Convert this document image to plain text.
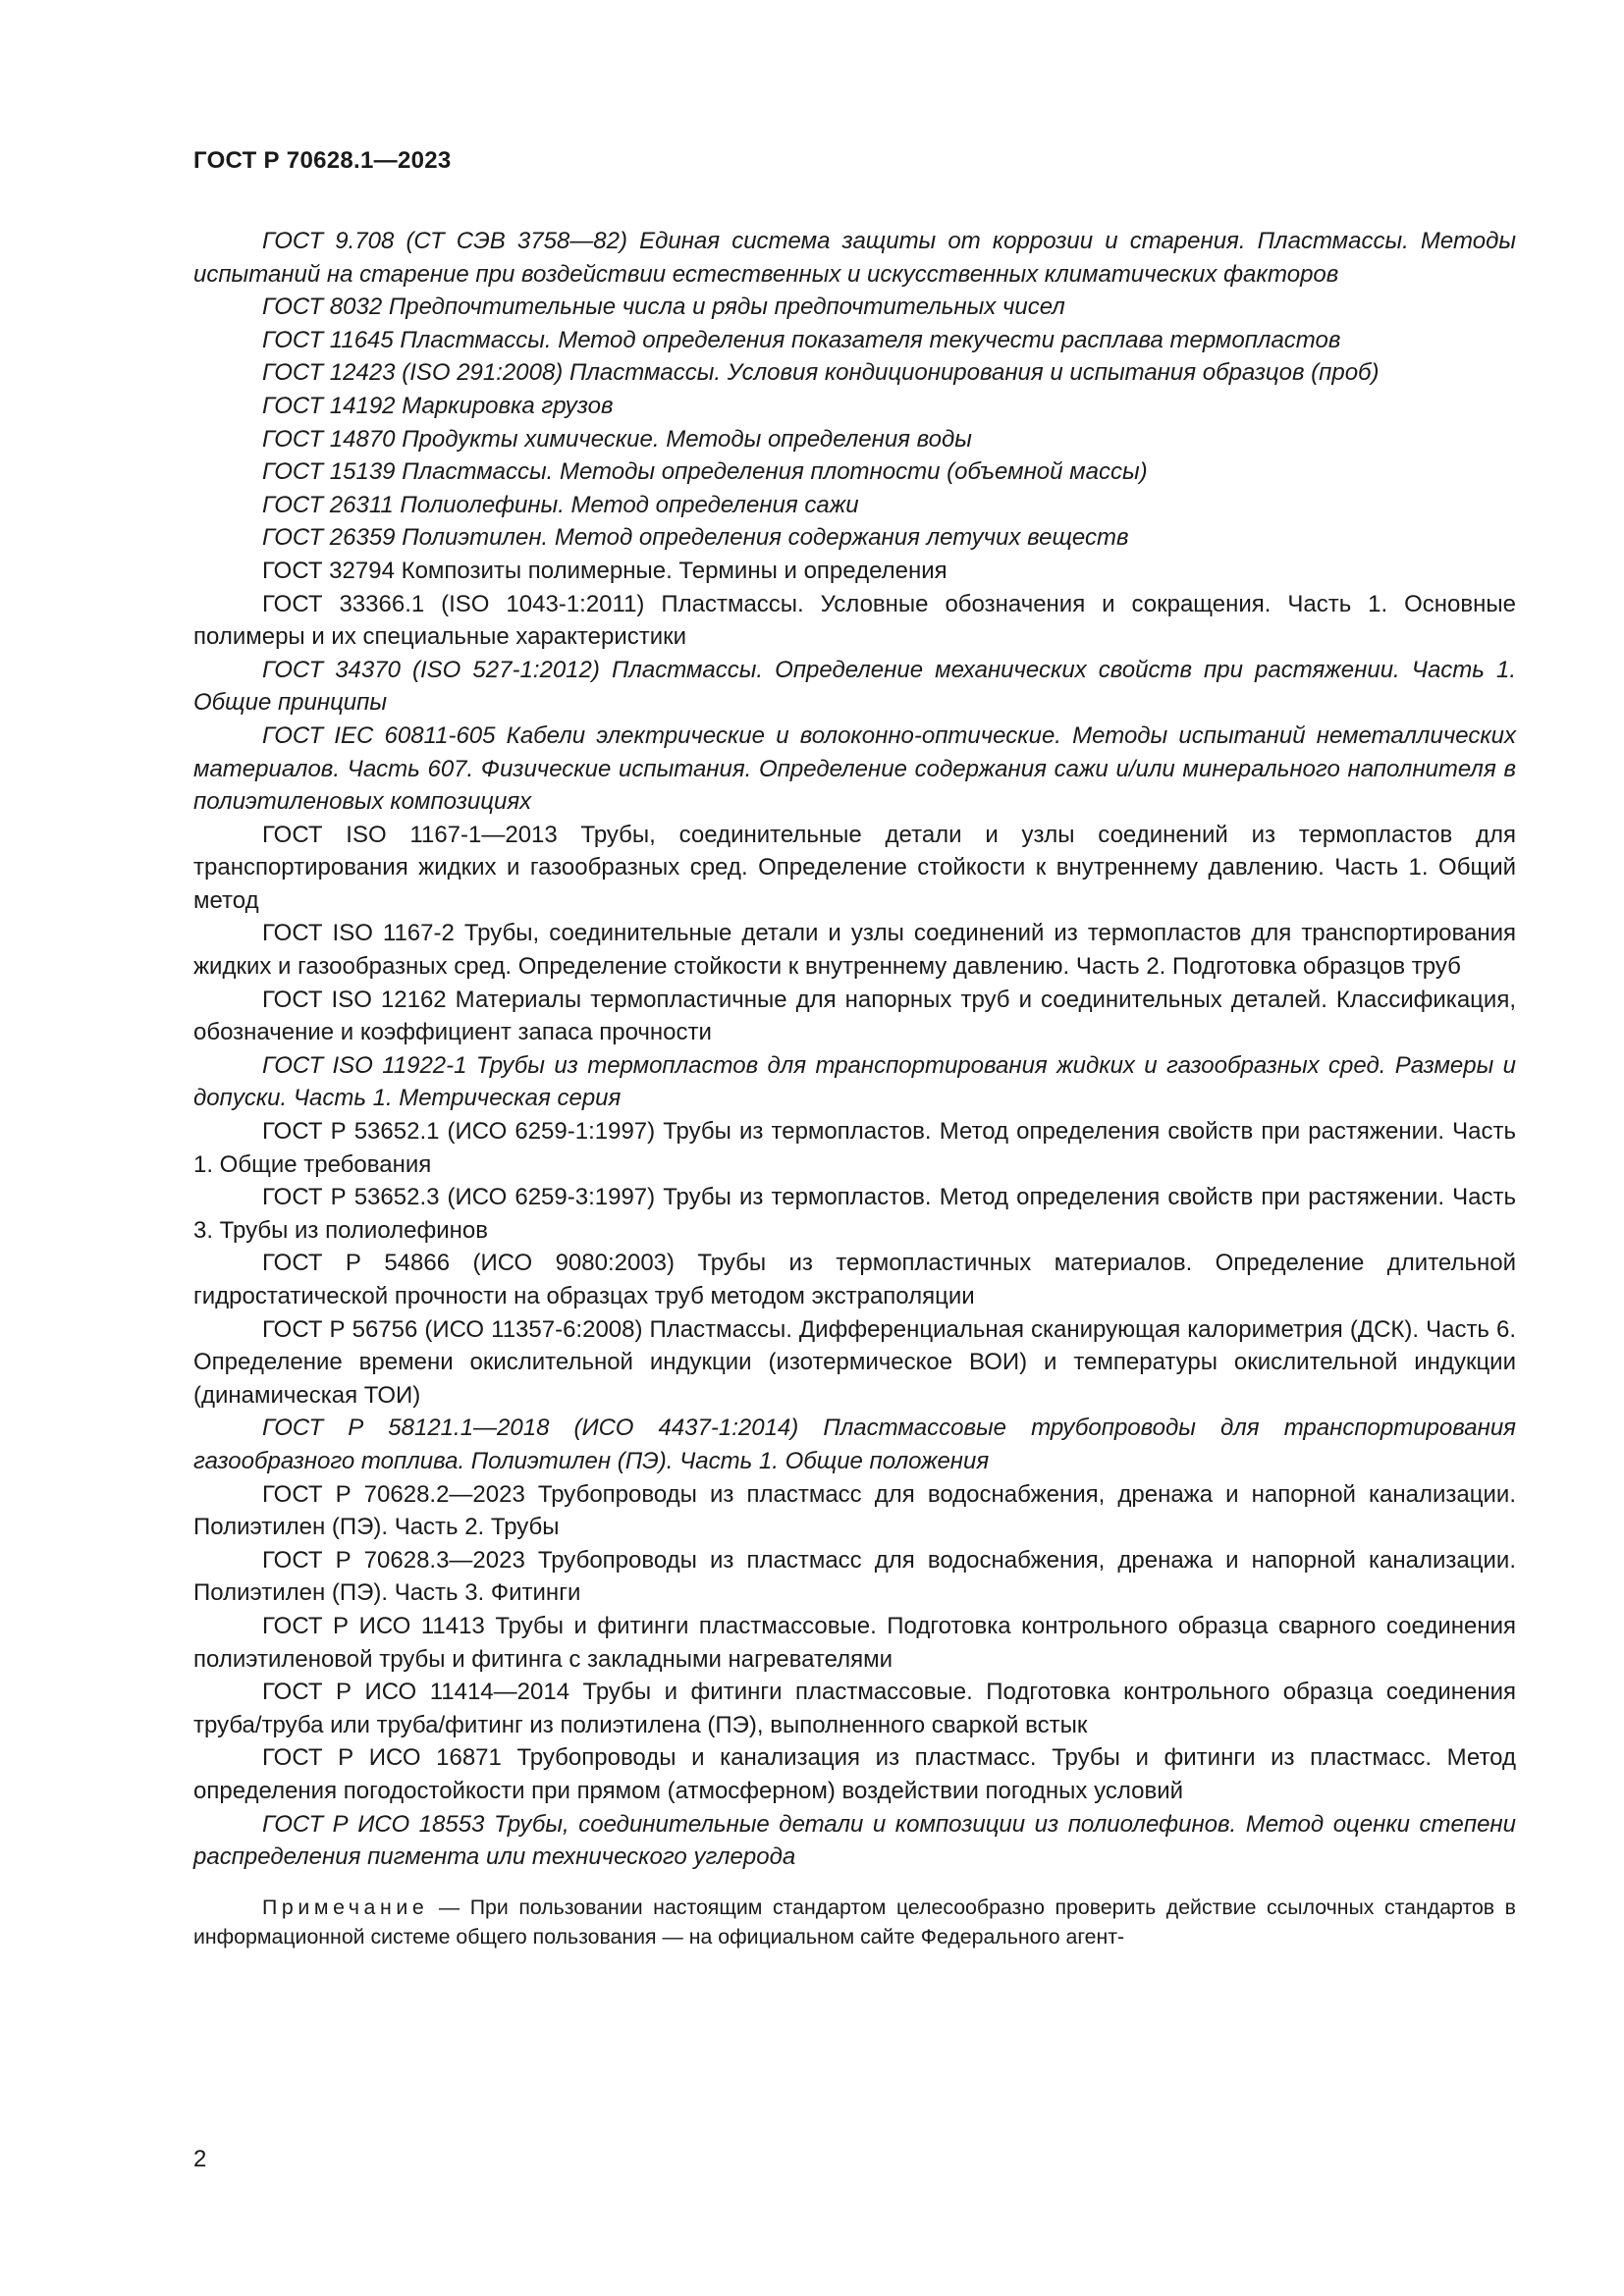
ГОСТ Р 70628.1—2023

ГОСТ 9.708 (СТ СЭВ 3758—82) Единая система защиты от коррозии и старения. Пластмассы. Методы испытаний на старение при воздействии естественных и искусственных климатических факторов

ГОСТ 8032 Предпочтительные числа и ряды предпочтительных чисел

ГОСТ 11645 Пластмассы. Метод определения показателя текучести расплава термопластов

ГОСТ 12423 (ISO 291:2008) Пластмассы. Условия кондиционирования и испытания образцов (проб)

ГОСТ 14192 Маркировка грузов

ГОСТ 14870 Продукты химические. Методы определения воды

ГОСТ 15139 Пластмассы. Методы определения плотности (объемной массы)

ГОСТ 26311 Полиолефины. Метод определения сажи

ГОСТ 26359 Полиэтилен. Метод определения содержания летучих веществ

ГОСТ 32794 Композиты полимерные. Термины и определения

ГОСТ 33366.1 (ISO 1043-1:2011) Пластмассы. Условные обозначения и сокращения. Часть 1. Основные полимеры и их специальные характеристики

ГОСТ 34370 (ISO 527-1:2012) Пластмассы. Определение механических свойств при растяжении. Часть 1. Общие принципы

ГОСТ IEC 60811-605 Кабели электрические и волоконно-оптические. Методы испытаний неметаллических материалов. Часть 607. Физические испытания. Определение содержания сажи и/или минерального наполнителя в полиэтиленовых композициях

ГОСТ ISO 1167-1—2013 Трубы, соединительные детали и узлы соединений из термопластов для транспортирования жидких и газообразных сред. Определение стойкости к внутреннему давлению. Часть 1. Общий метод

ГОСТ ISO 1167-2 Трубы, соединительные детали и узлы соединений из термопластов для транспортирования жидких и газообразных сред. Определение стойкости к внутреннему давлению. Часть 2. Подготовка образцов труб

ГОСТ ISO 12162 Материалы термопластичные для напорных труб и соединительных деталей. Классификация, обозначение и коэффициент запаса прочности

ГОСТ ISO 11922-1 Трубы из термопластов для транспортирования жидких и газообразных сред. Размеры и допуски. Часть 1. Метрическая серия

ГОСТ Р 53652.1 (ИСО 6259-1:1997) Трубы из термопластов. Метод определения свойств при растяжении. Часть 1. Общие требования

ГОСТ Р 53652.3 (ИСО 6259-3:1997) Трубы из термопластов. Метод определения свойств при растяжении. Часть 3. Трубы из полиолефинов

ГОСТ Р 54866 (ИСО 9080:2003) Трубы из термопластичных материалов. Определение длительной гидростатической прочности на образцах труб методом экстраполяции

ГОСТ Р 56756 (ИСО 11357-6:2008) Пластмассы. Дифференциальная сканирующая калориметрия (ДСК). Часть 6. Определение времени окислительной индукции (изотермическое ВОИ) и температуры окислительной индукции (динамическая ТОИ)

ГОСТ Р 58121.1—2018 (ИСО 4437-1:2014) Пластмассовые трубопроводы для транспортирования газообразного топлива. Полиэтилен (ПЭ). Часть 1. Общие положения

ГОСТ Р 70628.2—2023 Трубопроводы из пластмасс для водоснабжения, дренажа и напорной канализации. Полиэтилен (ПЭ). Часть 2. Трубы

ГОСТ Р 70628.3—2023 Трубопроводы из пластмасс для водоснабжения, дренажа и напорной канализации. Полиэтилен (ПЭ). Часть 3. Фитинги

ГОСТ Р ИСО 11413 Трубы и фитинги пластмассовые. Подготовка контрольного образца сварного соединения полиэтиленовой трубы и фитинга с закладными нагревателями

ГОСТ Р ИСО 11414—2014 Трубы и фитинги пластмассовые. Подготовка контрольного образца соединения труба/труба или труба/фитинг из полиэтилена (ПЭ), выполненного сваркой встык

ГОСТ Р ИСО 16871 Трубопроводы и канализация из пластмасс. Трубы и фитинги из пластмасс. Метод определения погодостойкости при прямом (атмосферном) воздействии погодных условий

ГОСТ Р ИСО 18553 Трубы, соединительные детали и композиции из полиолефинов. Метод оценки степени распределения пигмента или технического углерода

Примечание — При пользовании настоящим стандартом целесообразно проверить действие ссылочных стандартов в информационной системе общего пользования — на официальном сайте Федерального агент-

2
